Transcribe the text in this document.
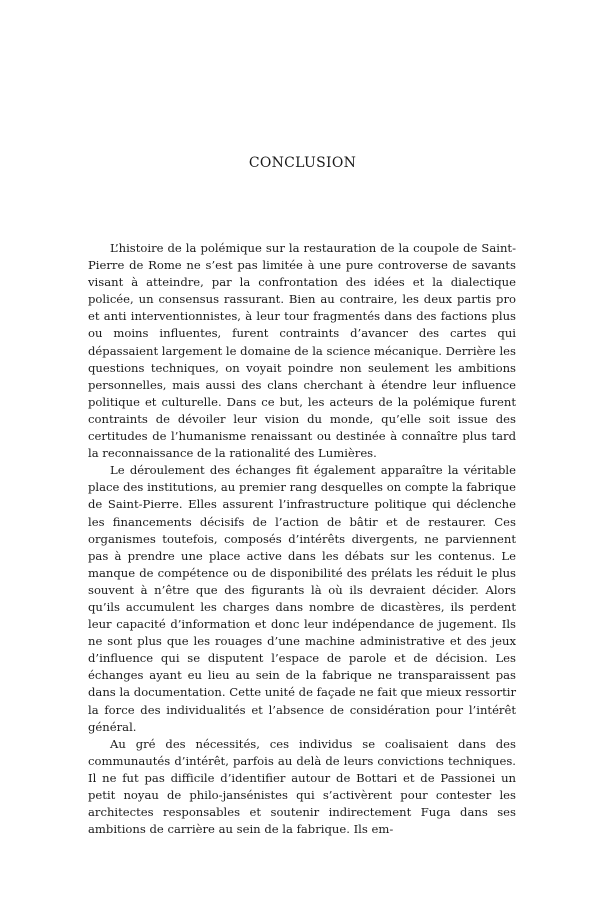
CONCLUSION

L’histoire de la polémique sur la restauration de la coupole de Saint-Pierre de Rome ne s’est pas limitée à une pure controverse de savants visant à atteindre, par la confrontation des idées et la dialectique policée, un consensus rassurant. Bien au contraire, les deux partis pro et anti interventionnistes, à leur tour fragmentés dans des factions plus ou moins influentes, furent contraints d’avancer des cartes qui dépassaient largement le domaine de la science mécanique. Derrière les questions techniques, on voyait poindre non seulement les ambitions personnelles, mais aussi des clans cherchant à étendre leur influence politique et culturelle. Dans ce but, les acteurs de la polémique furent contraints de dévoiler leur vision du monde, qu’elle soit issue des certitudes de l’humanisme renaissant ou destinée à connaître plus tard la reconnaissance de la rationalité des Lumières.

Le déroulement des échanges fit également apparaître la véritable place des institutions, au premier rang desquelles on compte la fabrique de Saint-Pierre. Elles assurent l’infrastructure politique qui déclenche les financements décisifs de l’action de bâtir et de restaurer. Ces organismes toutefois, composés d’intérêts divergents, ne parviennent pas à prendre une place active dans les débats sur les contenus. Le manque de compétence ou de disponibilité des prélats les réduit le plus souvent à n’être que des figurants là où ils devraient décider. Alors qu’ils accumulent les charges dans nombre de dicastères, ils perdent leur capacité d’information et donc leur indépendance de jugement. Ils ne sont plus que les rouages d’une machine administrative et des jeux d’influence qui se disputent l’espace de parole et de décision. Les échanges ayant eu lieu au sein de la fabrique ne transparaissent pas dans la documentation. Cette unité de façade ne fait que mieux ressortir la force des individualités et l’absence de considération pour l’intérêt général.

Au gré des nécessités, ces individus se coalisaient dans des communautés d’intérêt, parfois au delà de leurs convictions techniques. Il ne fut pas difficile d’identifier autour de Bottari et de Passionei un petit noyau de philo-jansénistes qui s’activèrent pour contester les architectes responsables et soutenir indirectement Fuga dans ses ambitions de carrière au sein de la fabrique. Ils em-
